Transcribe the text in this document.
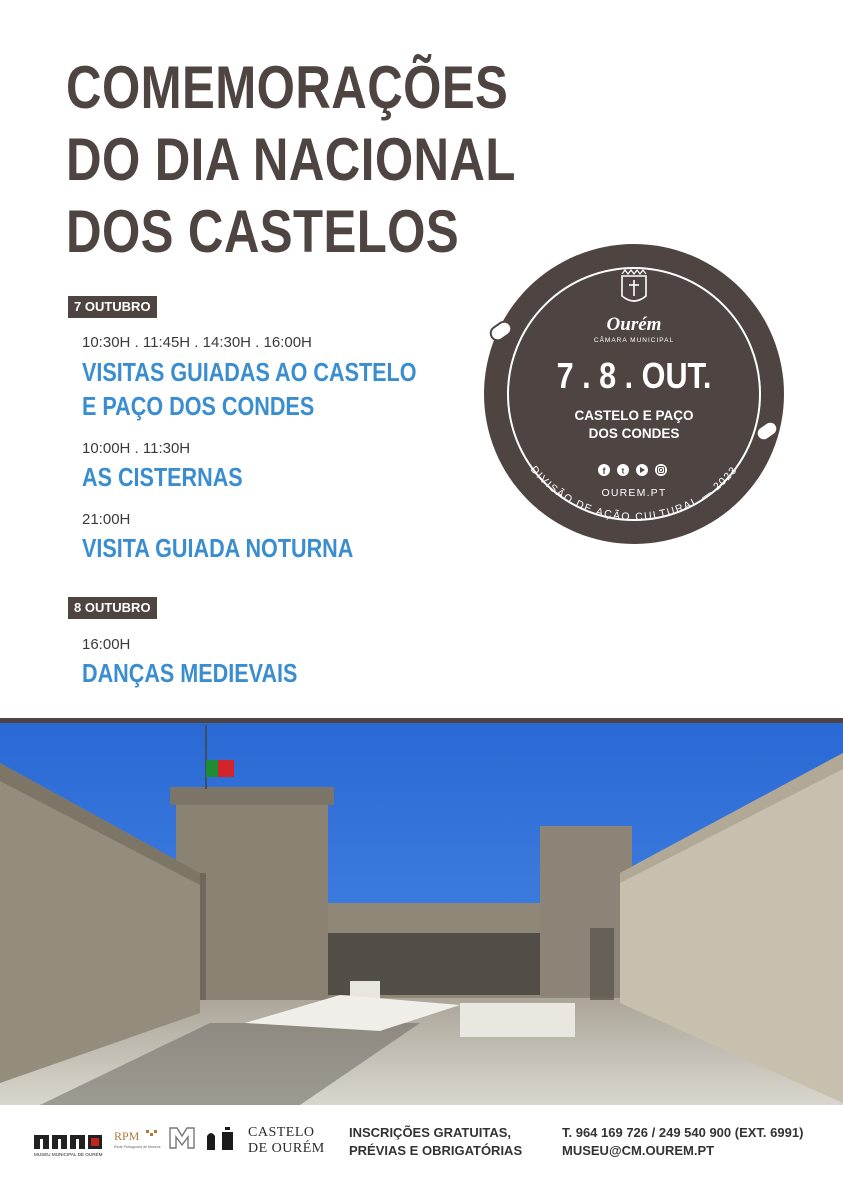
COMEMORAÇÕES
DO DIA NACIONAL
DOS CASTELOS
7 OUTUBRO
10:30H . 11:45H . 14:30H . 16:00H
VISITAS GUIADAS AO CASTELO
E PAÇO DOS CONDES
10:00H . 11:30H
AS CISTERNAS
21:00H
VISITA GUIADA NOTURNA
8 OUTUBRO
16:00H
DANÇAS MEDIEVAIS
Ourém
CÂMARA MUNICIPAL
7 . 8 . OUT.
CASTELO E PAÇO
DOS CONDES
f t
OUREM.PT
DIVISÃO DE AÇÃO CULTURAL — 2023
MUSEU MUNICIPAL DE OURÉM
RPM
Rede Portuguesa de Museus
CASTELO
DE OURÉM
INSCRIÇÕES GRATUITAS,
PRÉVIAS E OBRIGATÓRIAS
T. 964 169 726 / 249 540 900 (EXT. 6991)
MUSEU@CM.OUREM.PT
